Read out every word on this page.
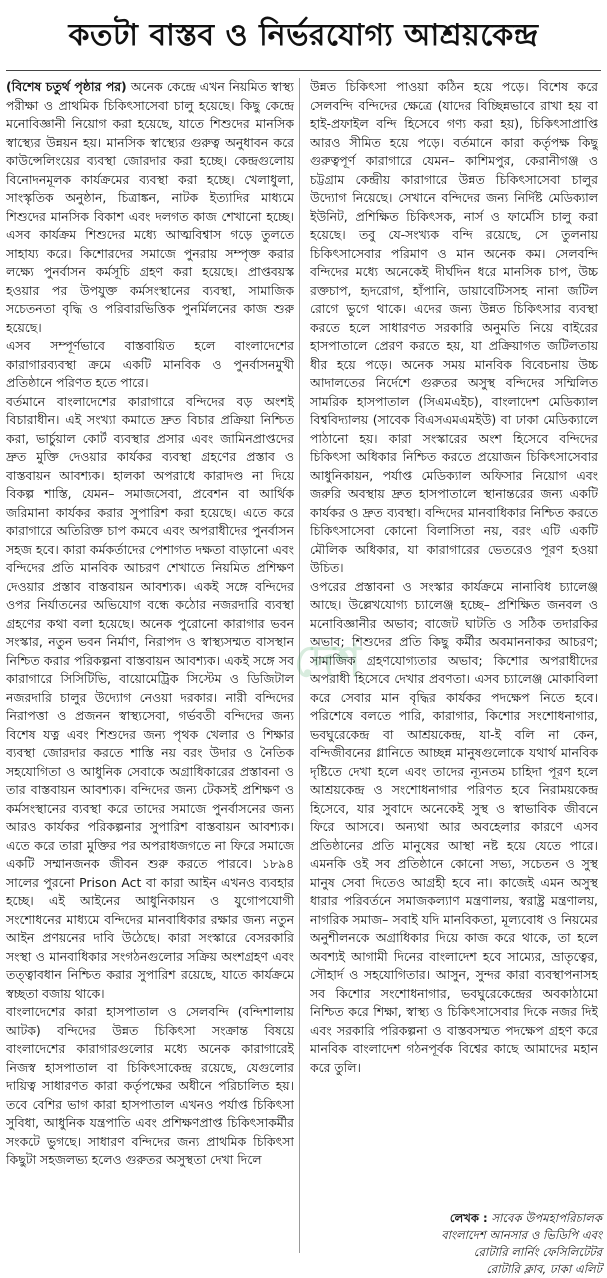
কতটা বাস্তব ও নির্ভরযোগ্য আশ্রয়কেন্দ্র

(বিশেষ চতুর্থ পৃষ্ঠার পর) অনেক কেন্দ্রে এখন নিয়মিত স্বাস্থ্য পরীক্ষা ও প্রাথমিক চিকিৎসাসেবা চালু হয়েছে। কিছু কেন্দ্রে মনোবিজ্ঞানী নিয়োগ করা হয়েছে, যাতে শিশুদের মানসিক স্বাস্থ্যের উন্নয়ন হয়। মানসিক স্বাস্থ্যের গুরুত্ব অনুধাবন করে কাউন্সেলিংয়ের ব্যবস্থা জোরদার করা হচ্ছে। কেন্দ্রগুলোয় বিনোদনমূলক কার্যক্রমের ব্যবস্থা করা হচ্ছে। খেলাধুলা, সাংস্কৃতিক অনুষ্ঠান, চিত্রাঙ্কন, নাটক ইত্যাদির মাধ্যমে শিশুদের মানসিক বিকাশ এবং দলগত কাজ শেখানো হচ্ছে। এসব কার্যক্রম শিশুদের মধ্যে আত্মবিশ্বাস গড়ে তুলতে সাহায্য করে। কিশোরদের সমাজে পুনরায় সম্পৃক্ত করার লক্ষ্যে পুনর্বাসন কর্মসূচি গ্রহণ করা হয়েছে। প্রাপ্তবয়স্ক হওয়ার পর উপযুক্ত কর্মসংস্থানের ব্যবস্থা, সামাজিক সচেতনতা বৃদ্ধি ও পরিবারভিত্তিক পুনর্মিলনের কাজ শুরু হয়েছে।

এসব সম্পূর্ণভাবে বাস্তবায়িত হলে বাংলাদেশের কারাগারব্যবস্থা ক্রমে একটি মানবিক ও পুনর্বাসনমুখী প্রতিষ্ঠানে পরিণত হতে পারে।

বর্তমানে বাংলাদেশের কারাগারে বন্দিদের বড় অংশই বিচারাধীন। এই সংখ্যা কমাতে দ্রুত বিচার প্রক্রিয়া নিশ্চিত করা, ভার্চুয়াল কোর্ট ব্যবস্থার প্রসার এবং জামিনপ্রাপ্তদের দ্রুত মুক্তি দেওয়ার কার্যকর ব্যবস্থা গ্রহণের প্রস্তাব ও বাস্তবায়ন আবশ্যক। হালকা অপরাধে কারাদণ্ড না দিয়ে বিকল্প শাস্তি, যেমন– সমাজসেবা, প্রবেশন বা আর্থিক জরিমানা কার্যকর করার সুপারিশ করা হয়েছে। এতে করে কারাগারে অতিরিক্ত চাপ কমবে এবং অপরাধীদের পুনর্বাসন সহজ হবে। কারা কর্মকর্তাদের পেশাগত দক্ষতা বাড়ানো এবং বন্দিদের প্রতি মানবিক আচরণ শেখাতে নিয়মিত প্রশিক্ষণ দেওয়ার প্রস্তাব বাস্তবায়ন আবশ্যক। একই সঙ্গে বন্দিদের ওপর নির্যাতনের অভিযোগ বন্ধে কঠোর নজরদারি ব্যবস্থা গ্রহণের কথা বলা হয়েছে। অনেক পুরোনো কারাগার ভবন সংস্কার, নতুন ভবন নির্মাণ, নিরাপদ ও স্বাস্থ্যসম্মত বাসস্থান নিশ্চিত করার পরিকল্পনা বাস্তবায়ন আবশ্যক। একই সঙ্গে সব কারাগারে সিসিটিভি, বায়োমেট্রিক সিস্টেম ও ডিজিটাল নজরদারি চালুর উদ্যোগ নেওয়া দরকার। নারী বন্দিদের নিরাপত্তা ও প্রজনন স্বাস্থ্যসেবা, গর্ভবতী বন্দিদের জন্য বিশেষ যত্ন এবং শিশুদের জন্য পৃথক খেলার ও শিক্ষার ব্যবস্থা জোরদার করতে শাস্তি নয় বরং উদার ও নৈতিক সহযোগিতা ও আধুনিক সেবাকে অগ্রাধিকারের প্রস্তাবনা ও তার বাস্তবায়ন আবশ্যক। বন্দিদের জন্য টেকসই প্রশিক্ষণ ও কর্মসংস্থানের ব্যবস্থা করে তাদের সমাজে পুনর্বাসনের জন্য আরও কার্যকর পরিকল্পনার সুপারিশ বাস্তবায়ন আবশ্যক। এতে করে তারা মুক্তির পর অপরাধজগতে না ফিরে সমাজে একটি সম্মানজনক জীবন শুরু করতে পারবে। ১৮৯৪ সালের পুরনো Prison Act বা কারা আইন এখনও ব্যবহার হচ্ছে। এই আইনের আধুনিকায়ন ও যুগোপযোগী সংশোধনের মাধ্যমে বন্দিদের মানবাধিকার রক্ষার জন্য নতুন আইন প্রণয়নের দাবি উঠেছে। কারা সংস্কারে বেসরকারি সংস্থা ও মানবাধিকার সংগঠনগুলোর সক্রিয় অংশগ্রহণ এবং তত্ত্বাবধান নিশ্চিত করার সুপারিশ রয়েছে, যাতে কার্যক্রমে স্বচ্ছতা বজায় থাকে।

বাংলাদেশের কারা হাসপাতাল ও সেলবন্দি (বন্দিশালায় আটক) বন্দিদের উন্নত চিকিৎসা সংক্রান্ত বিষয়ে বাংলাদেশের কারাগারগুলোর মধ্যে অনেক কারাগারেই নিজস্ব হাসপাতাল বা চিকিৎসাকেন্দ্র রয়েছে, যেগুলোর দায়িত্ব সাধারণত কারা কর্তৃপক্ষের অধীনে পরিচালিত হয়। তবে বেশির ভাগ কারা হাসপাতাল এখনও পর্যাপ্ত চিকিৎসা সুবিধা, আধুনিক যন্ত্রপাতি এবং প্রশিক্ষণপ্রাপ্ত চিকিৎসাকর্মীর সংকটে ভুগছে। সাধারণ বন্দিদের জন্য প্রাথমিক চিকিৎসা কিছুটা সহজলভ্য হলেও গুরুতর অসুস্থতা দেখা দিলে

উন্নত চিকিৎসা পাওয়া কঠিন হয়ে পড়ে। বিশেষ করে সেলবন্দি বন্দিদের ক্ষেত্রে (যাদের বিচ্ছিন্নভাবে রাখা হয় বা হাই-প্রফাইল বন্দি হিসেবে গণ্য করা হয়), চিকিৎসাপ্রাপ্তি আরও সীমিত হয়ে পড়ে। বর্তমানে কারা কর্তৃপক্ষ কিছু গুরুত্বপূর্ণ কারাগারে যেমন– কাশিমপুর, কেরানীগঞ্জ ও চট্টগ্রাম কেন্দ্রীয় কারাগারে উন্নত চিকিৎসাসেবা চালুর উদ্যোগ নিয়েছে। সেখানে বন্দিদের জন্য নির্দিষ্ট মেডিক্যাল ইউনিট, প্রশিক্ষিত চিকিৎসক, নার্স ও ফার্মেসি চালু করা হয়েছে। তবু যে-সংখ্যক বন্দি রয়েছে, সে তুলনায় চিকিৎসাসেবার পরিমাণ ও মান অনেক কম। সেলবন্দি বন্দিদের মধ্যে অনেকেই দীর্ঘদিন ধরে মানসিক চাপ, উচ্চ রক্তচাপ, হৃদরোগ, হাঁপানি, ডায়াবেটিসসহ নানা জটিল রোগে ভুগে থাকে। এদের জন্য উন্নত চিকিৎসার ব্যবস্থা করতে হলে সাধারণত সরকারি অনুমতি নিয়ে বাইরের হাসপাতালে প্রেরণ করতে হয়, যা প্রক্রিয়াগত জটিলতায় ধীর হয়ে পড়ে। অনেক সময় মানবিক বিবেচনায় উচ্চ আদালতের নির্দেশে গুরুতর অসুস্থ বন্দিদের সম্মিলিত সামরিক হাসপাতাল (সিএমএইচ), বাংলাদেশ মেডিক্যাল বিশ্ববিদ্যালয় (সাবেক বিএসএমএমইউ) বা ঢাকা মেডিক্যালে পাঠানো হয়। কারা সংস্কারের অংশ হিসেবে বন্দিদের চিকিৎসা অধিকার নিশ্চিত করতে প্রয়োজন চিকিৎসাসেবার আধুনিকায়ন, পর্যাপ্ত মেডিক্যাল অফিসার নিয়োগ এবং জরুরি অবস্থায় দ্রুত হাসপাতালে স্থানান্তরের জন্য একটি কার্যকর ও দ্রুত ব্যবস্থা। বন্দিদের মানবাধিকার নিশ্চিত করতে চিকিৎসাসেবা কোনো বিলাসিতা নয়, বরং এটি একটি মৌলিক অধিকার, যা কারাগারের ভেতরেও পূরণ হওয়া উচিত।

ওপরের প্রস্তাবনা ও সংস্কার কার্যক্রমে নানাবিধ চ্যালেঞ্জ আছে। উল্লেখযোগ্য চ্যালেঞ্জ হচ্ছে– প্রশিক্ষিত জনবল ও মনোবিজ্ঞানীর অভাব; বাজেট ঘাটতি ও সঠিক তদারকির অভাব; শিশুদের প্রতি কিছু কর্মীর অবমাননাকর আচরণ; সামাজিক গ্রহণযোগ্যতার অভাব; কিশোর অপরাধীদের অপরাধী হিসেবে দেখার প্রবণতা। এসব চ্যালেঞ্জ মোকাবিলা করে সেবার মান বৃদ্ধির কার্যকর পদক্ষেপ নিতে হবে। পরিশেষে বলতে পারি, কারাগার, কিশোর সংশোধনাগার, ভবঘুরেকেন্দ্র বা আশ্রয়কেন্দ্র, যা-ই বলি না কেন, বন্দিজীবনের গ্লানিতে আচ্ছন্ন মানুষগুলোকে যথার্থ মানবিক দৃষ্টিতে দেখা হলে এবং তাদের ন্যূনতম চাহিদা পূরণ হলে আশ্রয়কেন্দ্র ও সংশোধনাগার পরিণত হবে নিরাময়কেন্দ্র হিসেবে, যার সুবাদে অনেকেই সুস্থ ও স্বাভাবিক জীবনে ফিরে আসবে। অন্যথা আর অবহেলার কারণে এসব প্রতিষ্ঠানের প্রতি মানুষের আস্থা নষ্ট হয়ে যেতে পারে। এমনকি ওই সব প্রতিষ্ঠানে কোনো সভ্য, সচেতন ও সুস্থ মানুষ সেবা দিতেও আগ্রহী হবে না। কাজেই এমন অসুস্থ ধারার পরিবর্তনে সমাজকল্যাণ মন্ত্রণালয়, স্বরাষ্ট্র মন্ত্রণালয়, নাগরিক সমাজ– সবাই যদি মানবিকতা, মূল্যবোধ ও নিয়মের অনুশীলনকে অগ্রাধিকার দিয়ে কাজ করে থাকে, তা হলে অবশ্যই আগামী দিনের বাংলাদেশ হবে সাম্যের, ভ্রাতৃত্বের, সৌহার্দ ও সহযোগিতার। আসুন, সুন্দর কারা ব্যবস্থাপনাসহ সব কিশোর সংশোধনাগার, ভবঘুরেকেন্দ্রের অবকাঠামো নিশ্চিত করে শিক্ষা, স্বাস্থ্য ও চিকিৎসাসেবার দিকে নজর দিই এবং সরকারি পরিকল্পনা ও বাস্তবসম্মত পদক্ষেপ গ্রহণ করে মানবিক বাংলাদেশ গঠনপূর্বক বিশ্বের কাছে আমাদের মহান করে তুলি।

দেশ
লেখক : সাবেক উপমহাপরিচালক
বাংলাদেশ আনসার ও ভিডিপি এবং
রোটারি লার্নিং ফেসিলিটেটর
রোটারি ক্লাব, ঢাকা এলিট
